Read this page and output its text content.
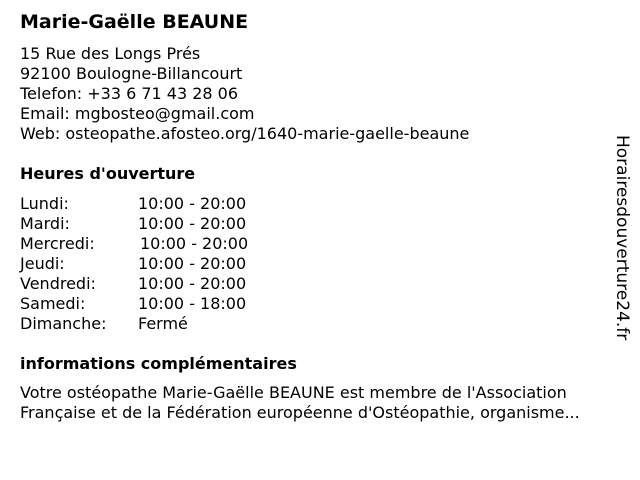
Marie-Gaëlle BEAUNE
15 Rue des Longs Prés
92100 Boulogne-Billancourt
Telefon: +33 6 71 43 28 06
Email: mgbosteo@gmail.com
Web: osteopathe.afosteo.org/1640-marie-gaelle-beaune
Heures d'ouverture
Lundi:	10:00 - 20:00
Mardi:	10:00 - 20:00
Mercredi:	10:00 - 20:00
Jeudi:	10:00 - 20:00
Vendredi:	10:00 - 20:00
Samedi:	10:00 - 18:00
Dimanche: Fermé
informations complémentaires
Votre ostéopathe Marie-Gaëlle BEAUNE est membre de l'Association
Française et de la Fédération européenne d'Ostéopathie, organisme...
Horairesdouverture24.fr
